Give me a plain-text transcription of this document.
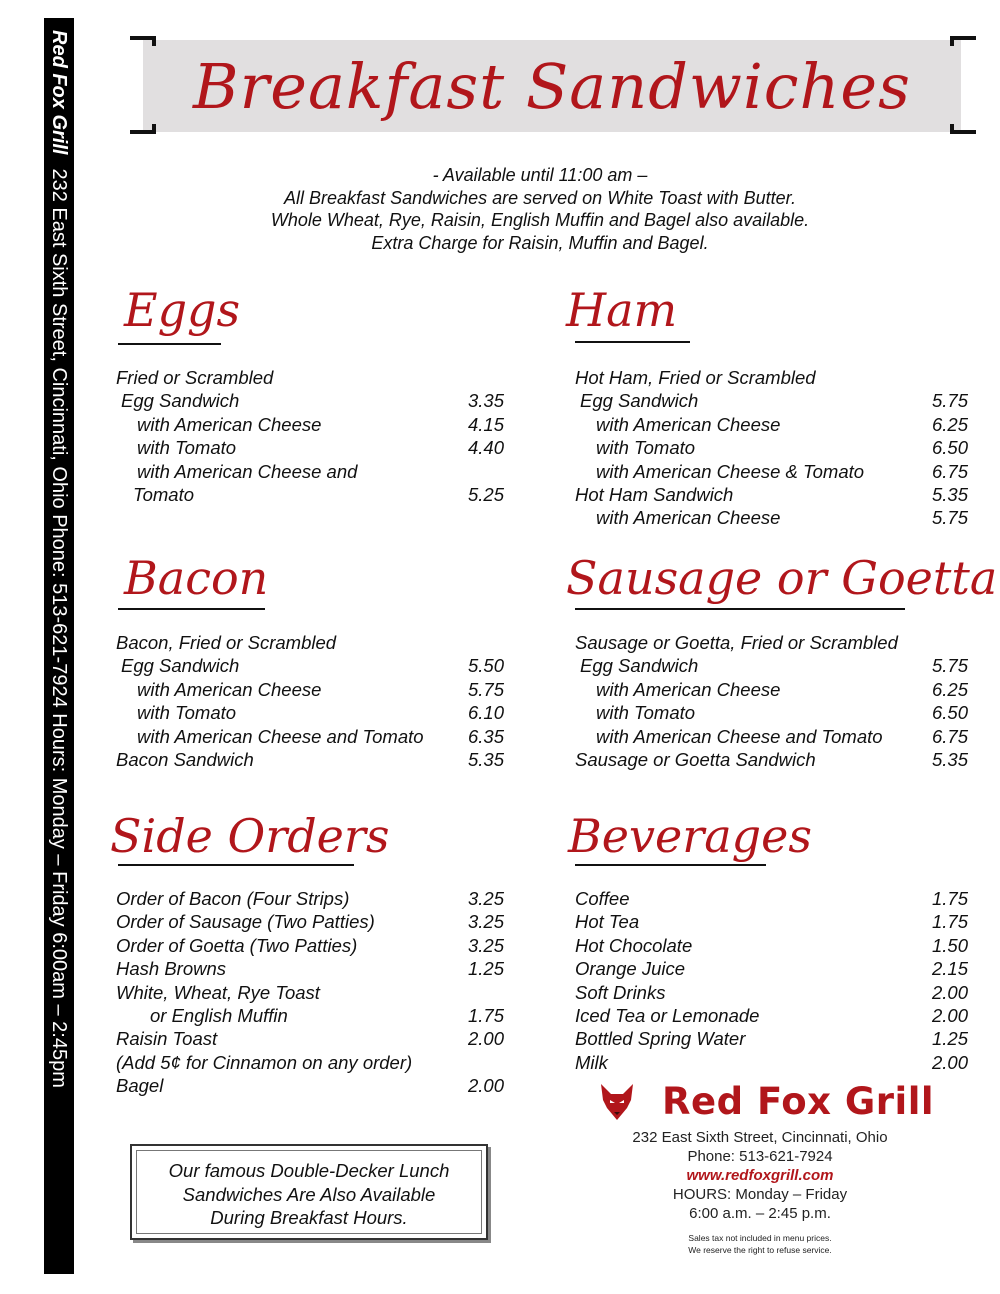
Red Fox Grill232 East Sixth Street, Cincinnati, Ohio Phone: 513-621-7924 Hours: Monday – Friday 6:00am – 2:45pm
Breakfast Sandwiches
- Available until 11:00 am –
All Breakfast Sandwiches are served on White Toast with Butter.
Whole Wheat, Rye, Raisin, English Muffin and Bagel also available.
Extra Charge for Raisin, Muffin and Bagel.
Eggs	Ham
Bacon	Sausage or Goetta
Side Orders	Beverages
Fried or Scrambled
Egg Sandwich	3.35
with American Cheese	4.15
with Tomato	4.40
with American Cheese and
Tomato	5.25
Hot Ham, Fried or Scrambled
Egg Sandwich	5.75
with American Cheese	6.25
with Tomato	6.50
with American Cheese & Tomato	6.75
Hot Ham Sandwich	5.35
with American Cheese	5.75
Bacon, Fried or Scrambled
Egg Sandwich	5.50
with American Cheese	5.75
with Tomato	6.10
with American Cheese and Tomato 6.35
Bacon Sandwich	5.35
Sausage or Goetta, Fried or Scrambled
Egg Sandwich	5.75
with American Cheese	6.25
with Tomato	6.50
with American Cheese and Tomato	6.75
Sausage or Goetta Sandwich	5.35
Order of Bacon (Four Strips)	3.25
Order of Sausage (Two Patties)	3.25
Order of Goetta (Two Patties)	3.25
Hash Browns	1.25
White, Wheat, Rye Toast
or English Muffin	1.75
Raisin Toast	2.00
(Add 5¢ for Cinnamon on any order)
Bagel	2.00
Coffee	1.75
Hot Tea	1.75
Hot Chocolate	1.50
Orange Juice	2.15
Soft Drinks	2.00
Iced Tea or Lemonade	2.00
Bottled Spring Water	1.25
Milk	2.00
Our famous Double-Decker Lunch
Sandwiches Are Also Available
During Breakfast Hours.
Red Fox Grill
232 East Sixth Street, Cincinnati, Ohio
Phone: 513-621-7924
www.redfoxgrill.com
HOURS: Monday – Friday
6:00 a.m. – 2:45 p.m.
Sales tax not included in menu prices.
We reserve the right to refuse service.
